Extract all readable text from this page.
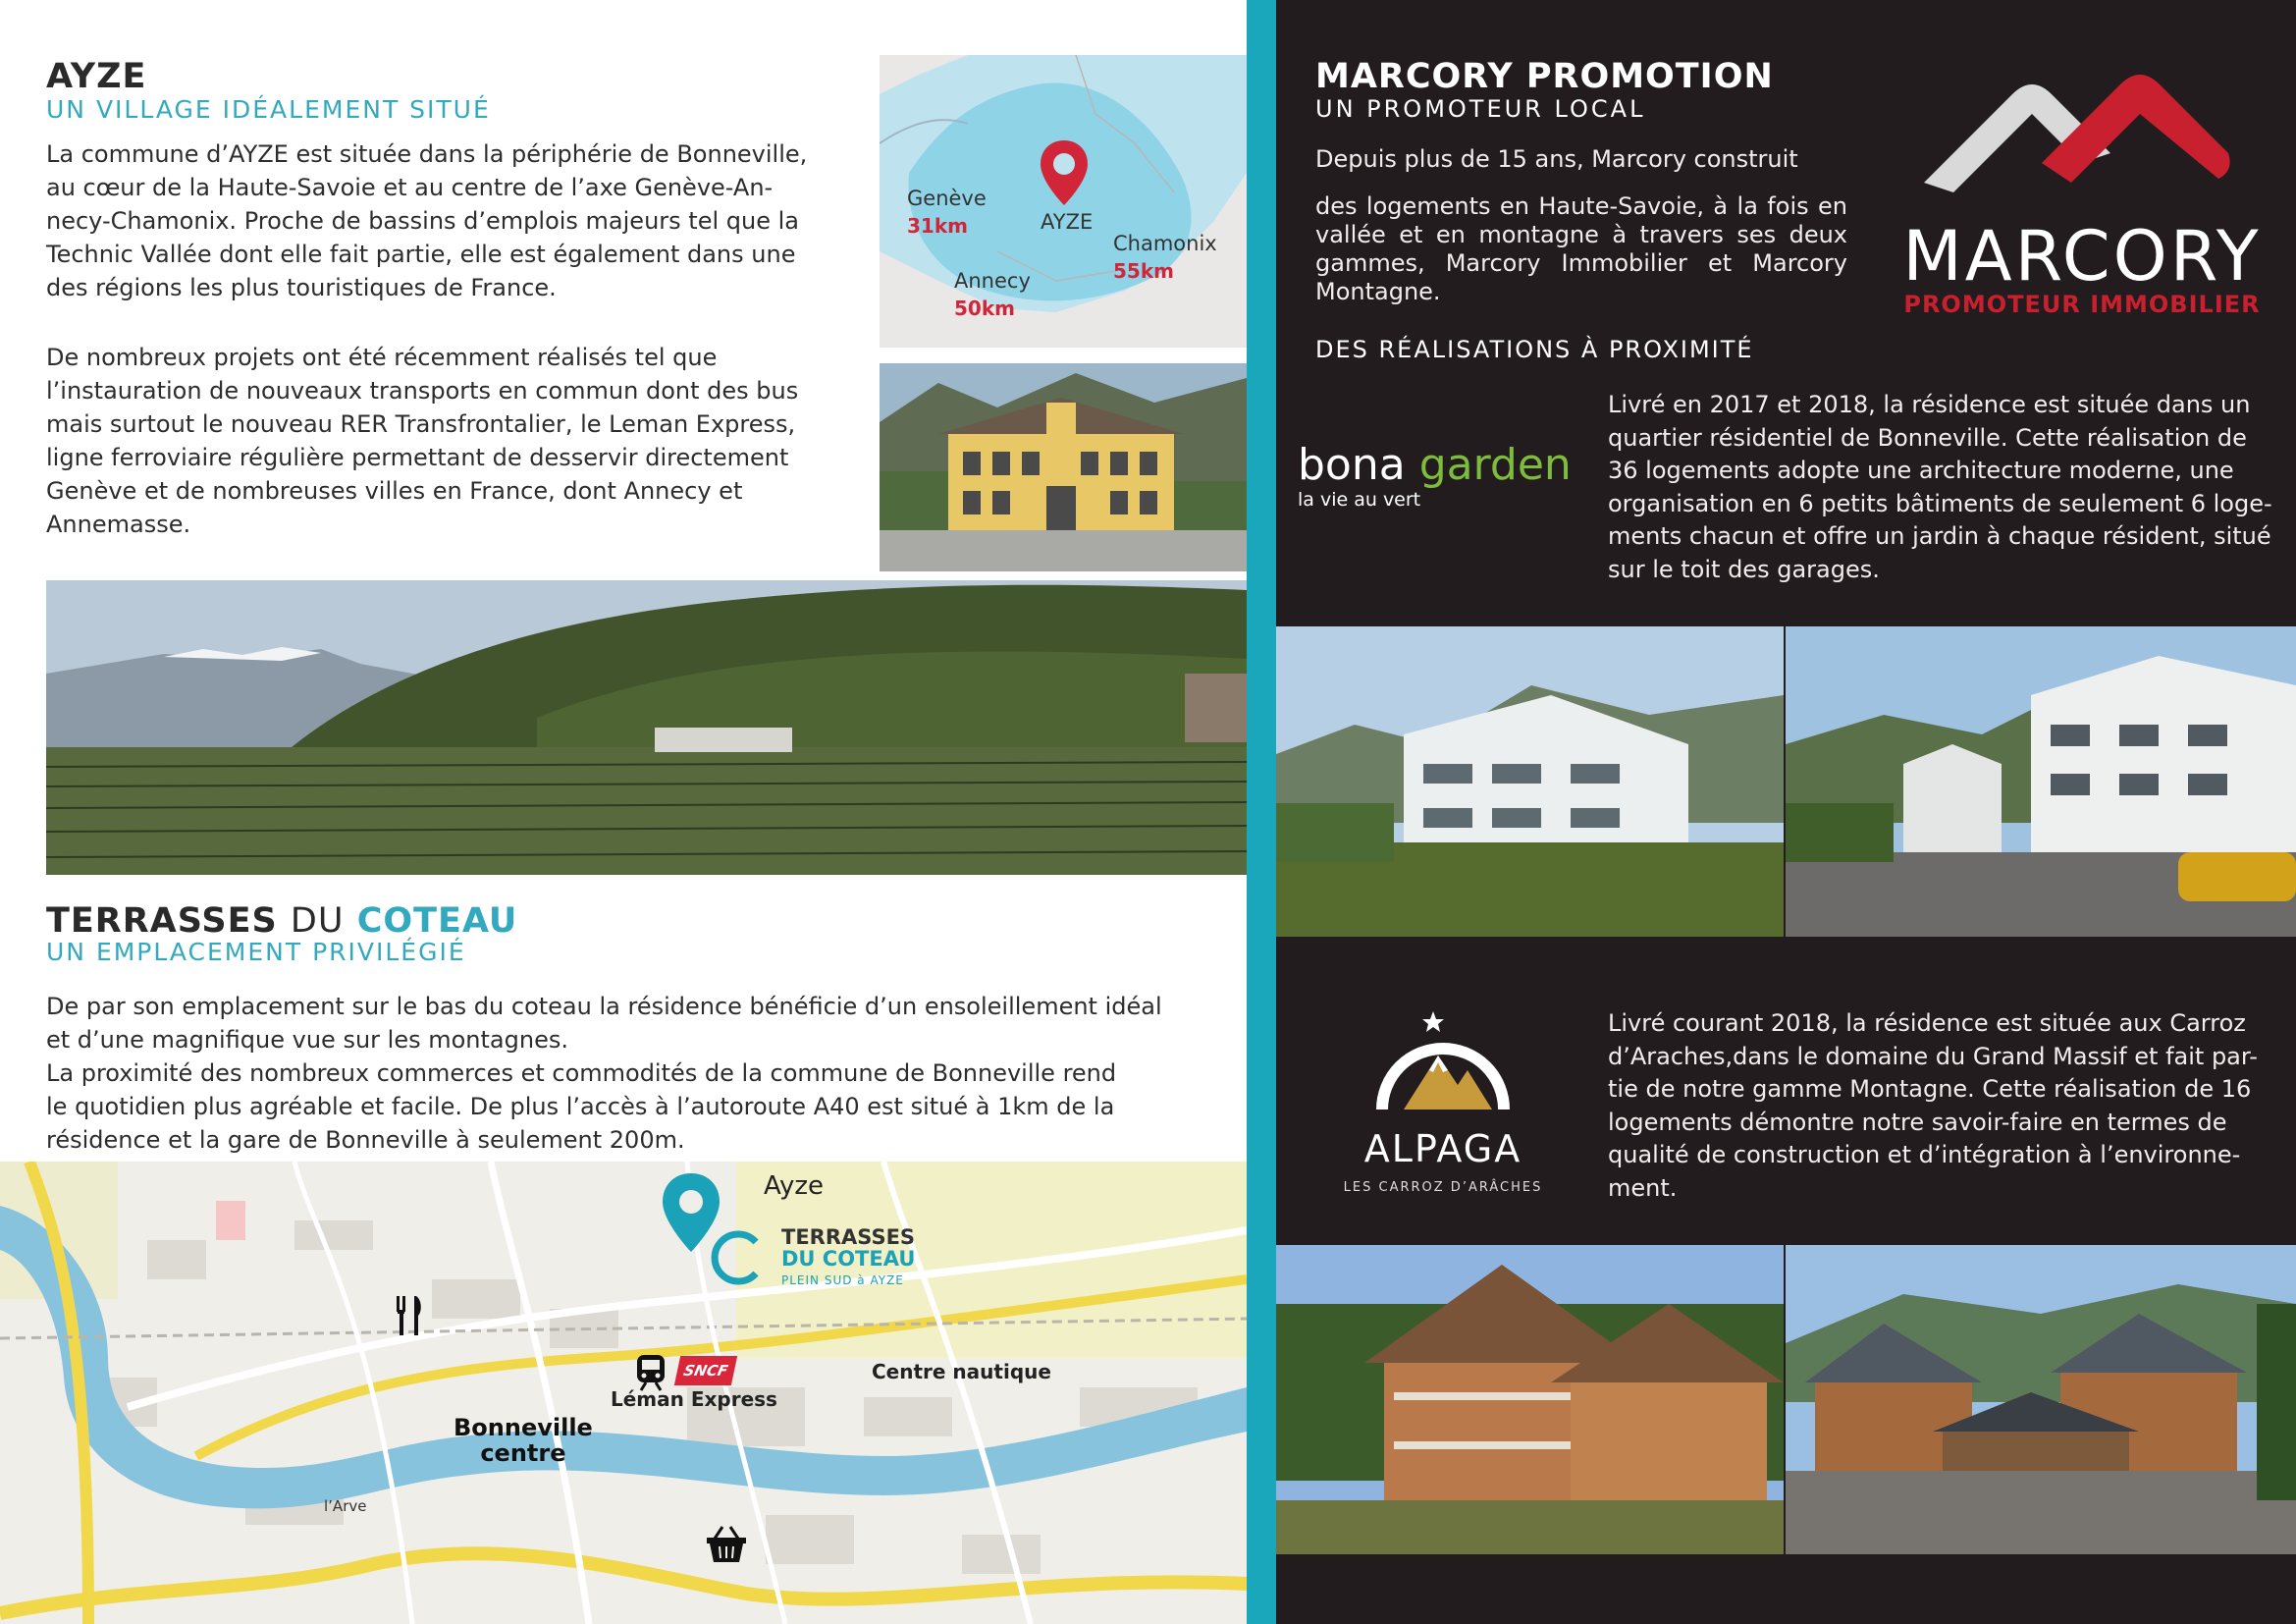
AYZE
UN VILLAGE IDÉALEMENT SITUÉ
La commune d’AYZE est située dans la périphérie de Bonneville,
au cœur de la Haute-Savoie et au centre de l’axe Genève-An-
necy-Chamonix. Proche de bassins d’emplois majeurs tel que la
Technic Vallée dont elle fait partie, elle est également dans une
des régions les plus touristiques de France.
De nombreux projets ont été récemment réalisés tel que
l’instauration de nouveaux transports en commun dont des bus
mais surtout le nouveau RER Transfrontalier, le Leman Express,
ligne ferroviaire régulière permettant de desservir directement
Genève et de nombreuses villes en France, dont Annecy et
Annemasse.
Genève
31km	AYZE
Chamonix
55km
Annecy
50km
TERRASSES DU COTEAU
UN EMPLACEMENT PRIVILÉGIÉ
De par son emplacement sur le bas du coteau la résidence bénéficie d’un ensoleillement idéal
et d’une magnifique vue sur les montagnes.
La proximité des nombreux commerces et commodités de la commune de Bonneville rend
le quotidien plus agréable et facile. De plus l’accès à l’autoroute A40 est situé à 1km de la
résidence et la gare de Bonneville à seulement 200m.
Ayze
TERRASSES
DU COTEAU
PLEIN SUD à AYZE
SNCF
Léman Express
Centre nautique
Bonneville
centre
l’Arve
MARCORY PROMOTION
UN PROMOTEUR LOCAL
Depuis plus de 15 ans, Marcory construit
des logements en Haute-Savoie, à la fois en vallée et en montagne à travers ses deux gammes, Marcory Immobilier et Marcory Montagne.
DES RÉALISATIONS À PROXIMITÉ
MARCORY
PROMOTEUR IMMOBILIER
bona garden
la vie au vert
Livré en 2017 et 2018, la résidence est située dans un
quartier résidentiel de Bonneville. Cette réalisation de
36 logements adopte une architecture moderne, une
organisation en 6 petits bâtiments de seulement 6 loge-
ments chacun et offre un jardin à chaque résident, situé
sur le toit des garages.
ALPAGA
LES CARROZ D’ARÂCHES
Livré courant 2018, la résidence est située aux Carroz
d’Araches,dans le domaine du Grand Massif et fait par-
tie de notre gamme Montagne. Cette réalisation de 16
logements démontre notre savoir-faire en termes de
qualité de construction et d’intégration à l’environne-
ment.
